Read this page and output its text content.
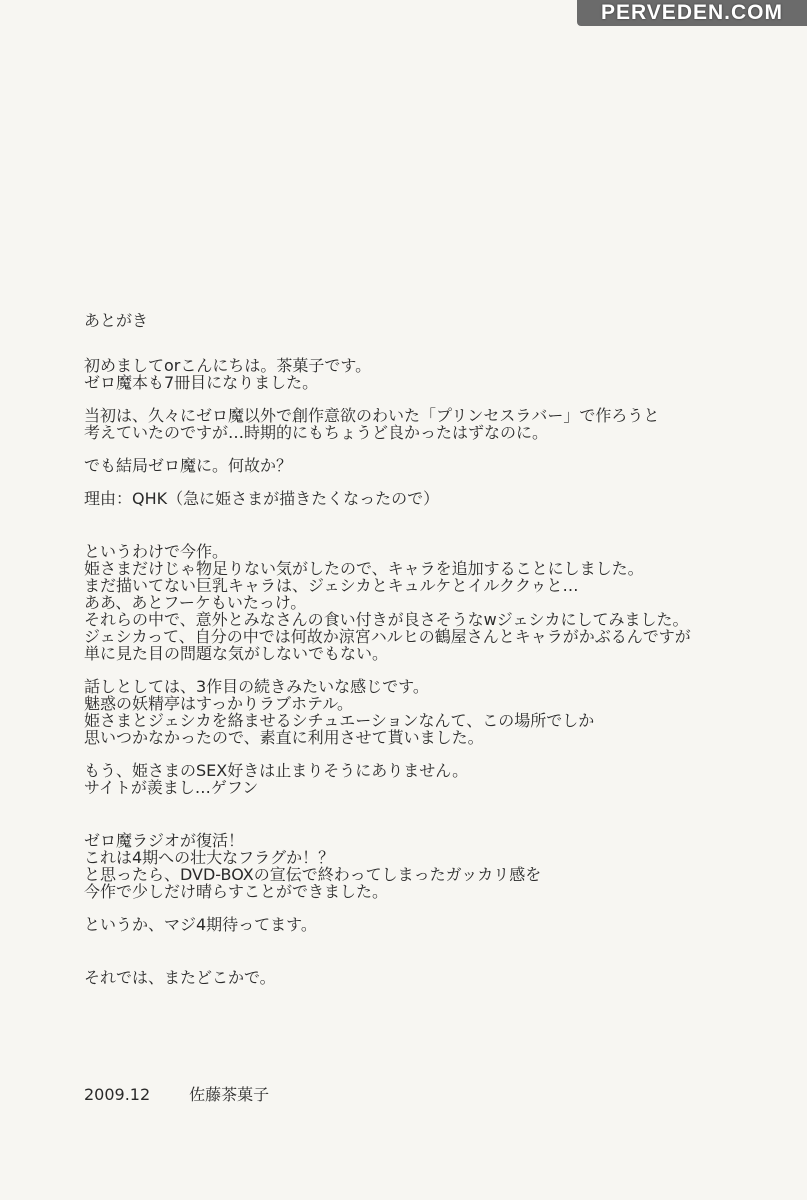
PERVEDEN.COM
あとがき
初めましてorこんにちは。茶菓子です。
ゼロ魔本も7冊目になりました。
当初は、久々にゼロ魔以外で創作意欲のわいた「プリンセスラバー」で作ろうと
考えていたのですが…時期的にもちょうど良かったはずなのに。
でも結局ゼロ魔に。何故か？
理由：QHK（急に姫さまが描きたくなったので）
というわけで今作。
姫さまだけじゃ物足りない気がしたので、キャラを追加することにしました。
まだ描いてない巨乳キャラは、ジェシカとキュルケとイルククゥと…
ああ、あとフーケもいたっけ。
それらの中で、意外とみなさんの食い付きが良さそうなwジェシカにしてみました。
ジェシカって、自分の中では何故か涼宮ハルヒの鶴屋さんとキャラがかぶるんですが
単に見た目の問題な気がしないでもない。
話しとしては、3作目の続きみたいな感じです。
魅惑の妖精亭はすっかりラブホテル。
姫さまとジェシカを絡ませるシチュエーションなんて、この場所でしか
思いつかなかったので、素直に利用させて貰いました。
もう、姫さまのSEX好きは止まりそうにありません。
サイトが羨まし…ゲフン
ゼロ魔ラジオが復活！
これは4期への壮大なフラグか！？
と思ったら、DVD-BOXの宣伝で終わってしまったガッカリ感を
今作で少しだけ晴らすことができました。
というか、マジ4期待ってます。
それでは、またどこかで。
2009.12 佐藤茶菓子
